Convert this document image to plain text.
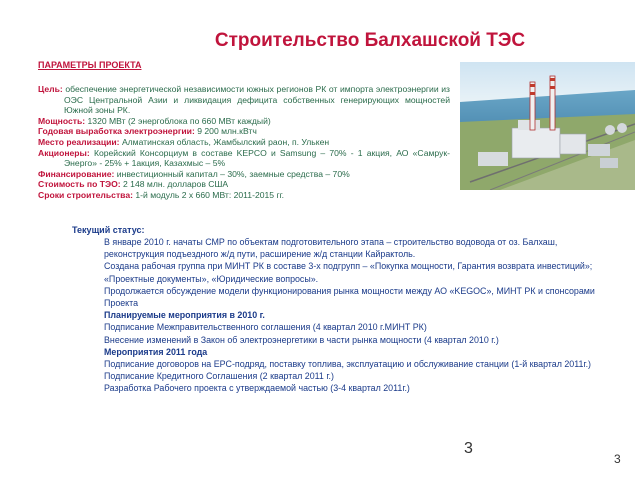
Строительство Балхашской ТЭС
ПАРАМЕТРЫ ПРОЕКТА

Цель: обеспечение энергетической независимости южных регионов РК от импорта электроэнергии из ОЭС Центральной Азии и ликвидация дефицита собственных генерирующих мощностей Южной зоны РК.

Мощность: 1320 МВт (2 энергоблока по 660 МВт каждый)

Годовая выработка электроэнергии: 9 200 млн.кВтч

Место реализации: Алматинская область, Жамбылский раон, п. Улькен

Акционеры: Корейский Консорциум в составе KEPCO и Samsung – 70% - 1 акция, АО «Самрук-Энерго» - 25% + 1акция, Казахмыс – 5%

Финансирование: инвестиционный капитал – 30%, заемные средства – 70%

Стоимость по ТЭО: 2 148 млн. долларов США

Сроки строительства: 1-й модуль 2 х 660 МВт: 2011-2015 гг.

Текущий статус:

В январе 2010 г. начаты СМР по объектам подготовительного этапа – строительство водовода от оз. Балхаш, реконструкция подъездного ж/д пути, расширение ж/д станции Кайрактоль.

Создана рабочая группа при МИНТ РК в составе 3-х подгрупп – «Покупка мощности, Гарантия возврата инвестиций»; «Проектные документы», «Юридические вопросы».

Продолжается обсуждение модели функционирования рынка мощности между АО «KEGOC», МИНТ РК и спонсорами Проекта

Планируемые мероприятия в 2010 г.

Подписание Межправительственного соглашения (4 квартал 2010 г.МИНТ РК)

Внесение изменений в Закон об электроэнергетики в части рынка мощности (4 квартал 2010 г.)

Мероприятия 2011 года

Подписание договоров на EPC-подряд, поставку топлива, эксплуатацию и обслуживание станции (1-й квартал 2011г.)

Подписание Кредитного Соглашения (2 квартал 2011 г.)

Разработка Рабочего проекта с утверждаемой частью (3-4 квартал 2011г.)

3
3
